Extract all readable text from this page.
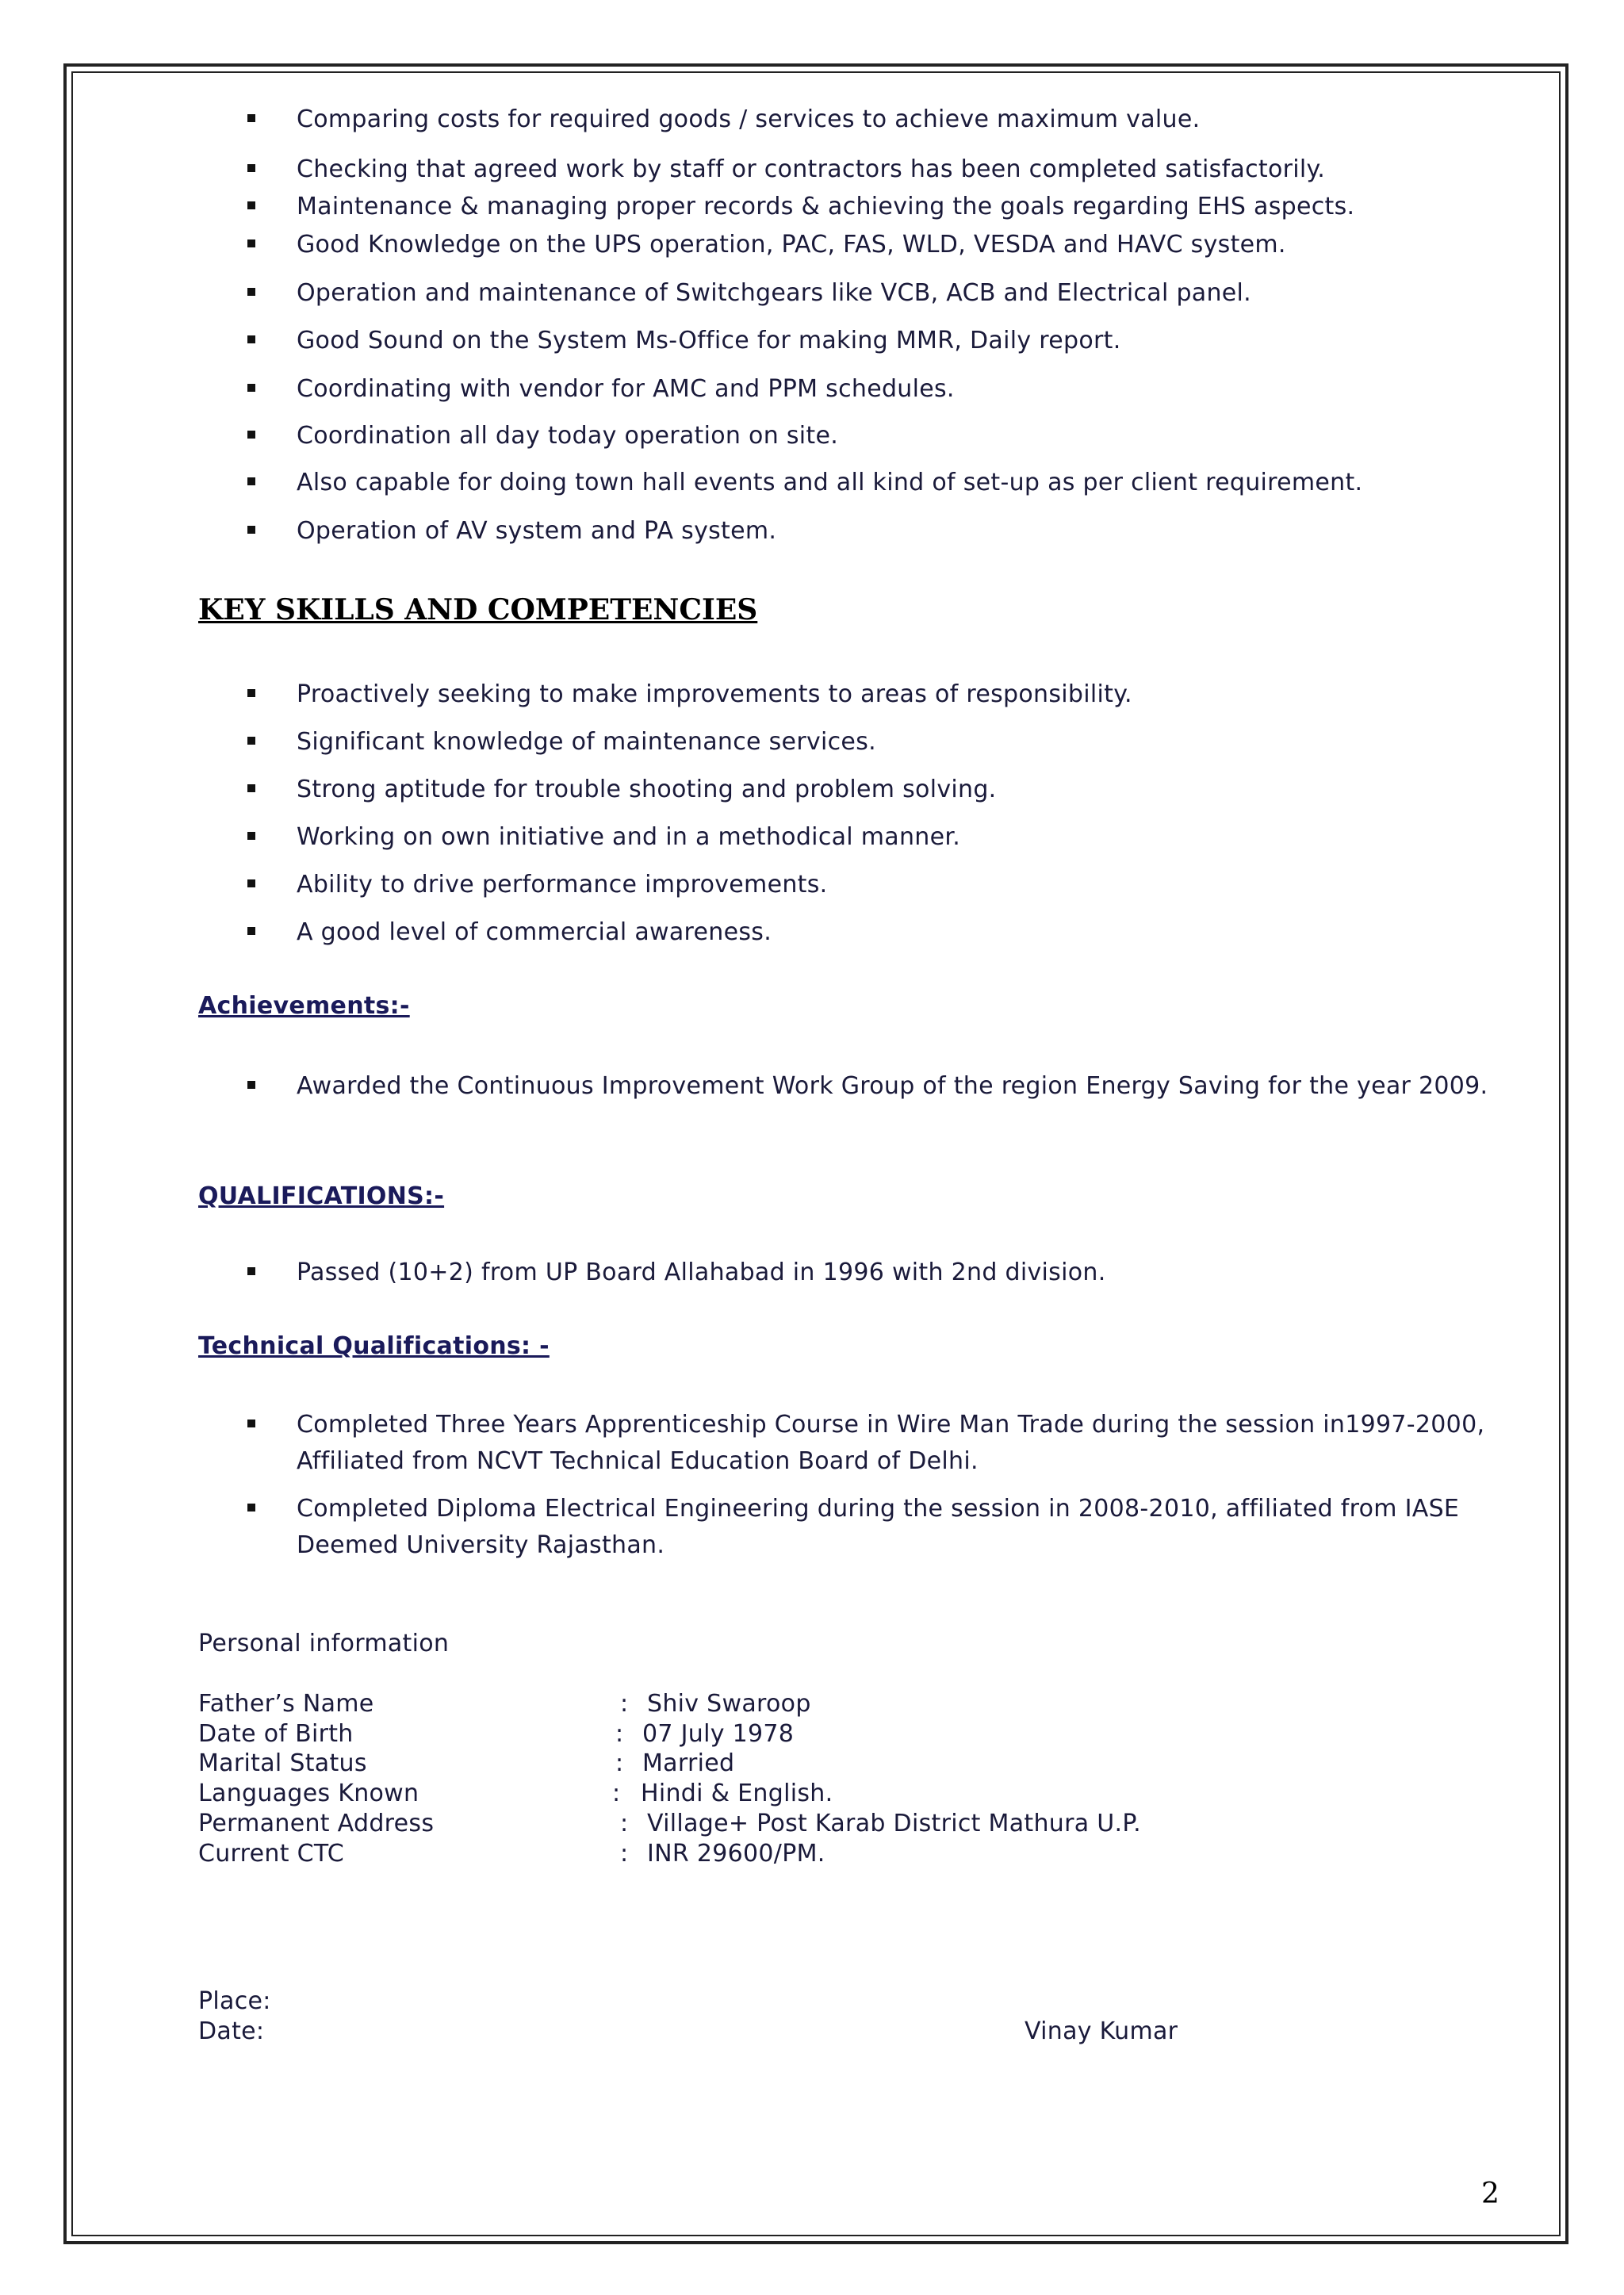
Comparing costs for required goods / services to achieve maximum value.
Checking that agreed work by staff or contractors has been completed satisfactorily.
Maintenance & managing proper records & achieving the goals regarding EHS aspects.
Good Knowledge on the UPS operation, PAC, FAS, WLD, VESDA and HAVC system.
Operation and maintenance of Switchgears like VCB, ACB and Electrical panel.
Good Sound on the System Ms-Office for making MMR, Daily report.
Coordinating with vendor for AMC and PPM schedules.
Coordination all day today operation on site.
Also capable for doing town hall events and all kind of set-up as per client requirement.
Operation of AV system and PA system.
KEY SKILLS AND COMPETENCIES
Proactively seeking to make improvements to areas of responsibility.
Significant knowledge of maintenance services.
Strong aptitude for trouble shooting and problem solving.
Working on own initiative and in a methodical manner.
Ability to drive performance improvements.
A good level of commercial awareness.
Achievements:-
Awarded the Continuous Improvement Work Group of the region Energy Saving for the year 2009.
QUALIFICATIONS:-
Passed (10+2) from UP Board Allahabad in 1996 with 2nd division.
Technical Qualifications: -
Completed Three Years Apprenticeship Course in Wire Man Trade during the session in1997-2000, Affiliated from NCVT Technical Education Board of Delhi.
Completed Diploma Electrical Engineering during the session in 2008-2010, affiliated from IASE Deemed University Rajasthan.
Personal information
Father’s Name	: Shiv Swaroop
Date of Birth	: 07 July 1978
Marital Status	: Married
Languages Known	: Hindi & English.
Permanent Address	: Village+ Post Karab District Mathura U.P.
Current CTC	: INR 29600/PM.
Place:
Date:	Vinay Kumar
2
